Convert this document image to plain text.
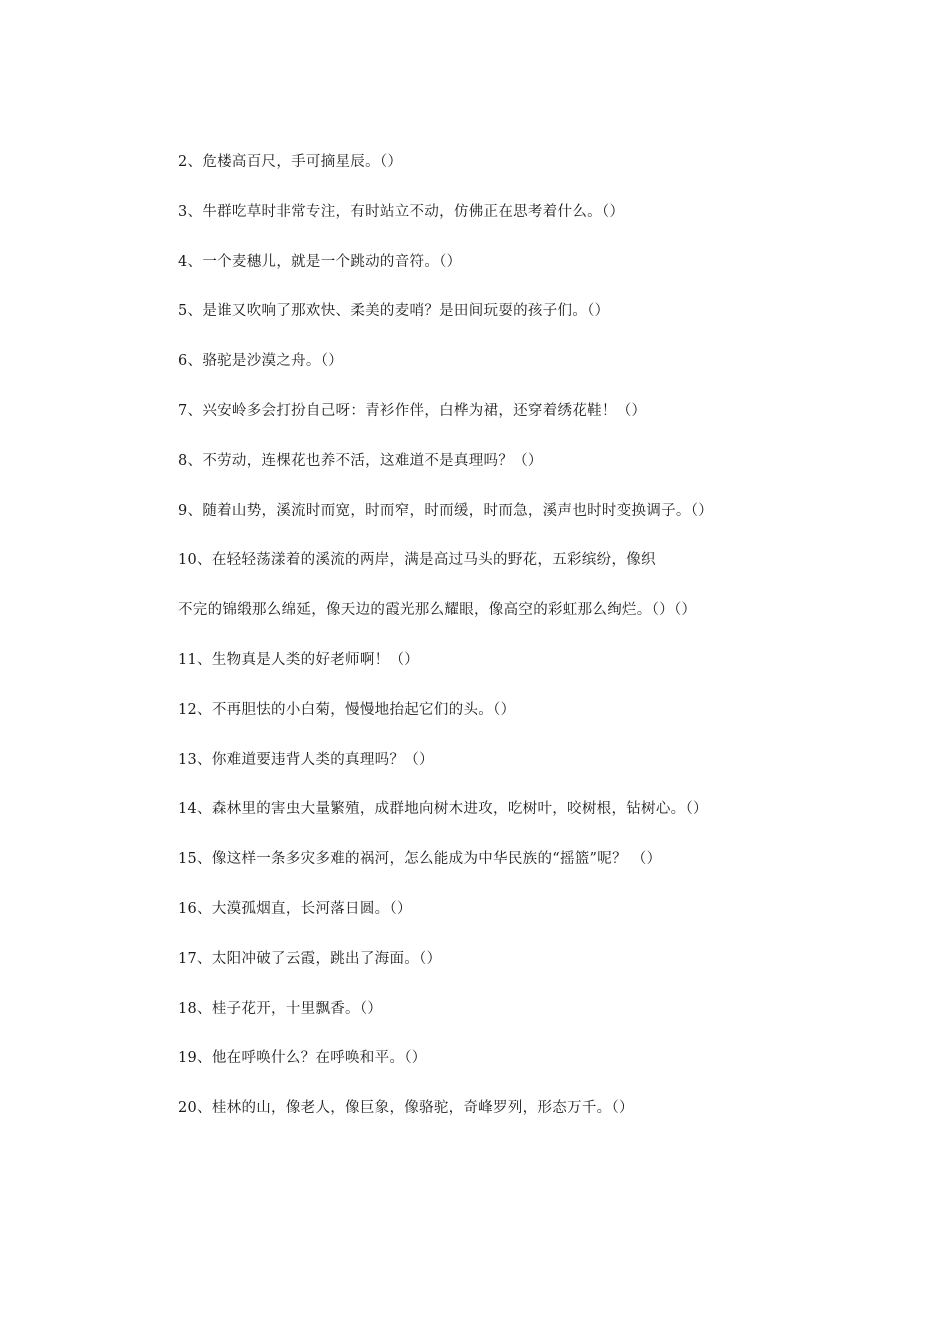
2、危楼高百尺，手可摘星辰。（）
3、牛群吃草时非常专注，有时站立不动，仿佛正在思考着什么。（）
4、一个麦穗儿，就是一个跳动的音符。（）
5、是谁又吹响了那欢快、柔美的麦哨？是田间玩耍的孩子们。（）
6、骆驼是沙漠之舟。（）
7、兴安岭多会打扮自己呀：青衫作伴，白桦为裙，还穿着绣花鞋！（）
8、不劳动，连棵花也养不活，这难道不是真理吗？（）
9、随着山势，溪流时而宽，时而窄，时而缓，时而急，溪声也时时变换调子。（）
10、在轻轻荡漾着的溪流的两岸，满是高过马头的野花，五彩缤纷，像织
不完的锦缎那么绵延，像天边的霞光那么耀眼，像高空的彩虹那么绚烂。（）（）
11、生物真是人类的好老师啊！（）
12、不再胆怯的小白菊，慢慢地抬起它们的头。（）
13、你难道要违背人类的真理吗？（）
14、森林里的害虫大量繁殖，成群地向树木进攻，吃树叶，咬树根，钻树心。（）
15、像这样一条多灾多难的祸河，怎么能成为中华民族的“摇篮”呢？ （）
16、大漠孤烟直，长河落日圆。（）
17、太阳冲破了云霞，跳出了海面。（）
18、桂子花开，十里飘香。（）
19、他在呼唤什么？在呼唤和平。（）
20、桂林的山，像老人，像巨象，像骆驼，奇峰罗列，形态万千。（）
